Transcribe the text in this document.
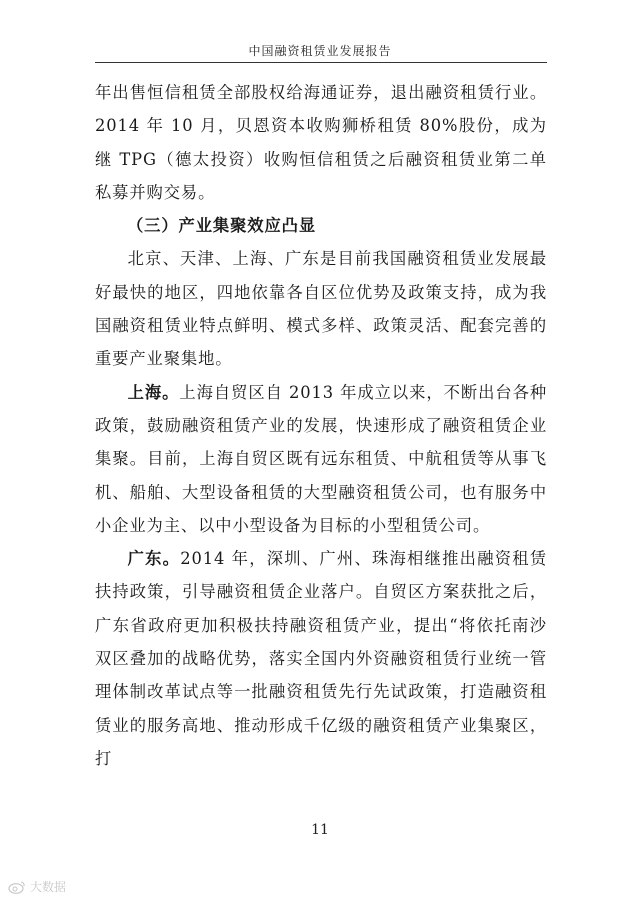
中国融资租赁业发展报告

年出售恒信租赁全部股权给海通证券，退出融资租赁行业。2014 年 10 月，贝恩资本收购狮桥租赁 80%股份，成为继 TPG（德太投资）收购恒信租赁之后融资租赁业第二单私募并购交易。

（三）产业集聚效应凸显

北京、天津、上海、广东是目前我国融资租赁业发展最好最快的地区，四地依靠各自区位优势及政策支持，成为我国融资租赁业特点鲜明、模式多样、政策灵活、配套完善的重要产业聚集地。

上海。上海自贸区自 2013 年成立以来，不断出台各种政策，鼓励融资租赁产业的发展，快速形成了融资租赁企业集聚。目前，上海自贸区既有远东租赁、中航租赁等从事飞机、船舶、大型设备租赁的大型融资租赁公司，也有服务中小企业为主、以中小型设备为目标的小型租赁公司。

广东。2014 年，深圳、广州、珠海相继推出融资租赁扶持政策，引导融资租赁企业落户。自贸区方案获批之后，广东省政府更加积极扶持融资租赁产业，提出“将依托南沙双区叠加的战略优势，落实全国内外资融资租赁行业统一管理体制改革试点等一批融资租赁先行先试政策，打造融资租赁业的服务高地、推动形成千亿级的融资租赁产业集聚区，打

11
大数据
